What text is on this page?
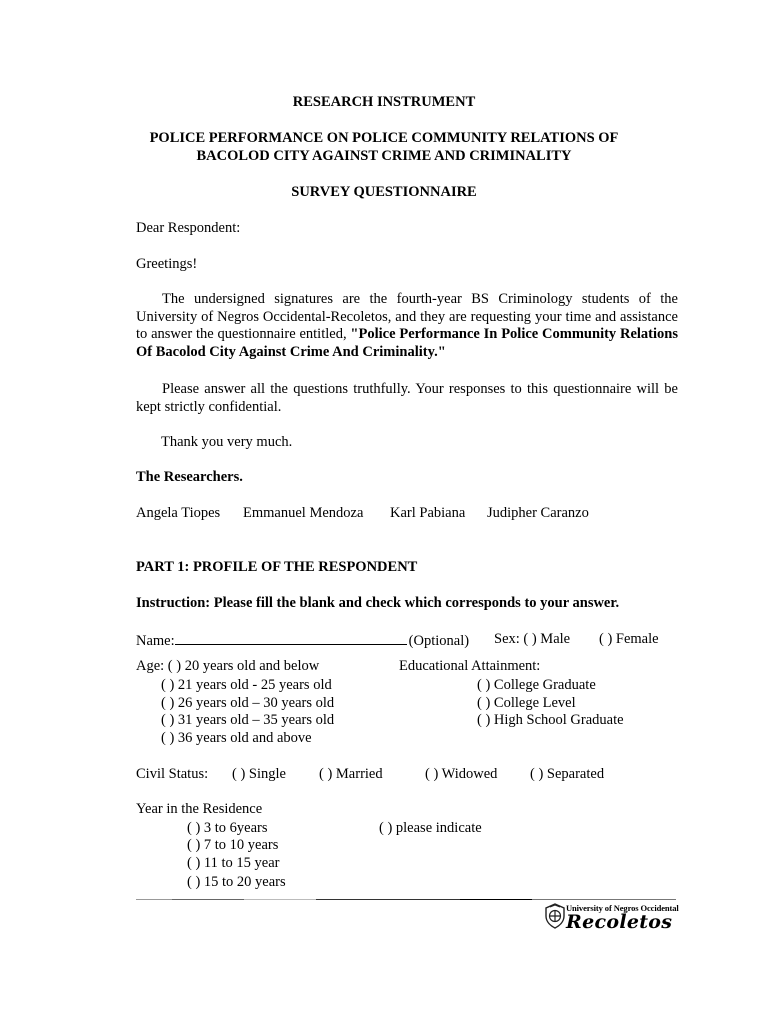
RESEARCH INSTRUMENT
POLICE PERFORMANCE ON POLICE COMMUNITY RELATIONS OF
BACOLOD CITY AGAINST CRIME AND CRIMINALITY
SURVEY QUESTIONNAIRE
Dear Respondent:
Greetings!
The undersigned signatures are the fourth-year BS Criminology students of the University of Negros Occidental-Recoletos, and they are requesting your time and assistance to answer the questionnaire entitled, "Police Performance In Police Community Relations Of Bacolod City Against Crime And Criminality."
Please answer all the questions truthfully. Your responses to this questionnaire will be kept strictly confidential.
Thank you very much.
The Researchers.
Angela Tiopes Emmanuel Mendoza Karl Pabiana Judipher Caranzo
PART 1: PROFILE OF THE RESPONDENT
Instruction: Please fill the blank and check which corresponds to your answer.
Name:	(Optional) Sex: ( ) Male ( ) Female
Age: ( ) 20 years old and below
( ) 21 years old - 25 years old
( ) 26 years old – 30 years old
( ) 31 years old – 35 years old
( ) 36 years old and above
Educational Attainment:
( ) College Graduate
( ) College Level
( ) High School Graduate
Civil Status: ( ) Single ( ) Married	( ) Widowed ( ) Separated
Year in the Residence
( ) 3 to 6years
( ) 7 to 10 years
( ) 11 to 15 year
( ) 15 to 20 years
( ) please indicate
University of Negros Occidental
Recoletos
